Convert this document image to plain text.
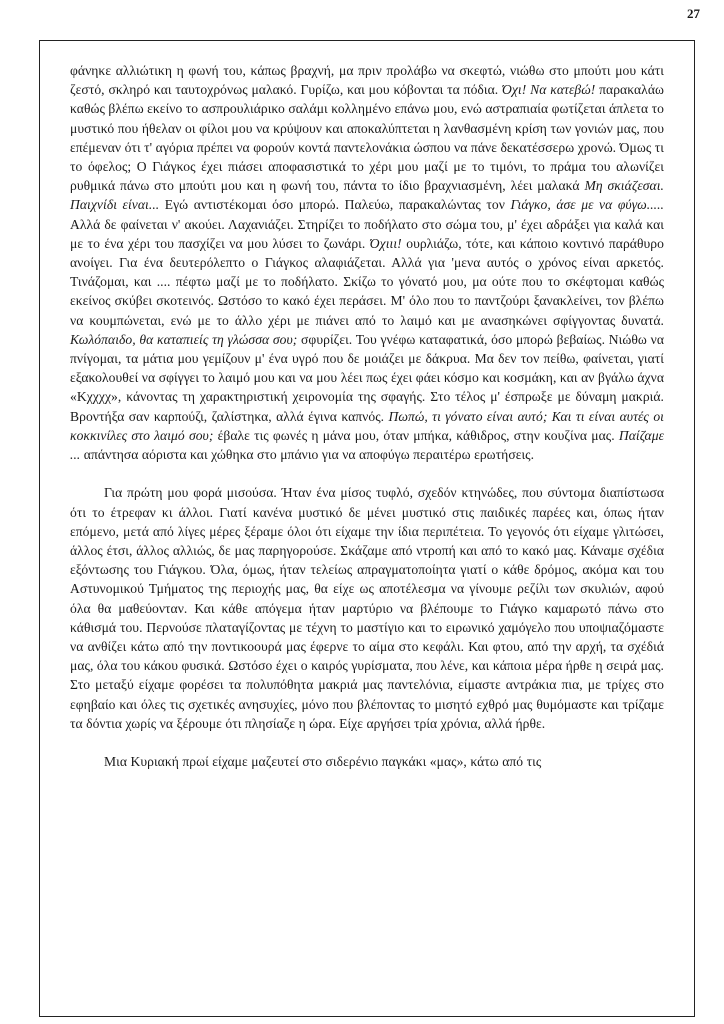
27

φάνηκε αλλιώτικη η φωνή του, κάπως βραχνή, μα πριν προλάβω να σκεφτώ, νιώθω στο μπούτι μου κάτι ζεστό, σκληρό και ταυτοχρόνως μαλακό. Γυρίζω, και μου κόβονται τα πόδια. Όχι! Να κατεβώ! παρακαλάω καθώς βλέπω εκείνο το ασπρουλιάρικο σαλάμι κολλημένο επάνω μου, ενώ αστραπιαία φωτίζεται άπλετα το μυστικό που ήθελαν οι φίλοι μου να κρύψουν και αποκαλύπτεται η λανθασμένη κρίση των γονιών μας, που επέμεναν ότι τ' αγόρια πρέπει να φορούν κοντά παντελονάκια ώσπου να πάνε δεκατέσσερω χρονώ. Όμως τι το όφελος; Ο Γιάγκος έχει πιάσει αποφασιστικά το χέρι μου μαζί με το τιμόνι, το πράμα του αλωνίζει ρυθμικά πάνω στο μπούτι μου και η φωνή του, πάντα το ίδιο βραχνιασμένη, λέει μαλακά Μη σκιάζεσαι. Παιχνίδι είναι... Εγώ αντιστέκομαι όσο μπορώ. Παλεύω, παρακαλώντας τον Γιάγκο, άσε με να φύγω..... Αλλά δε φαίνεται ν' ακούει. Λαχανιάζει. Στηρίζει το ποδήλατο στο σώμα του, μ' έχει αδράξει για καλά και με το ένα χέρι του πασχίζει να μου λύσει το ζωνάρι. Όχιιι! ουρλιάζω, τότε, και κάποιο κοντινό παράθυρο ανοίγει. Για ένα δευτερόλεπτο ο Γιάγκος αλαφιάζεται. Αλλά για 'μενα αυτός ο χρόνος είναι αρκετός. Τινάζομαι, και .... πέφτω μαζί με το ποδήλατο. Σκίζω το γόνατό μου, μα ούτε που το σκέφτομαι καθώς εκείνος σκύβει σκοτεινός. Ωστόσο το κακό έχει περάσει. Μ' όλο που το παντζούρι ξανακλείνει, τον βλέπω να κουμπώνεται, ενώ με το άλλο χέρι με πιάνει από το λαιμό και με ανασηκώνει σφίγγοντας δυνατά. Κωλόπαιδο, θα καταπιείς τη γλώσσα σου; σφυρίζει. Του γνέφω καταφατικά, όσο μπορώ βεβαίως. Νιώθω να πνίγομαι, τα μάτια μου γεμίζουν μ' ένα υγρό που δε μοιάζει με δάκρυα. Μα δεν τον πείθω, φαίνεται, γιατί εξακολουθεί να σφίγγει το λαιμό μου και να μου λέει πως έχει φάει κόσμο και κοσμάκη, και αν βγάλω άχνα «Κχχχχ», κάνοντας τη χαρακτηριστική χειρονομία της σφαγής. Στο τέλος μ' έσπρωξε με δύναμη μακριά. Βροντήξα σαν καρπούζι, ζαλίστηκα, αλλά έγινα καπνός. Πωπώ, τι γόνατο είναι αυτό; Και τι είναι αυτές οι κοκκινίλες στο λαιμό σου; έβαλε τις φωνές η μάνα μου, όταν μπήκα, κάθιδρος, στην κουζίνα μας. Παίζαμε ... απάντησα αόριστα και χώθηκα στο μπάνιο για να αποφύγω περαιτέρω ερωτήσεις.

Για πρώτη μου φορά μισούσα. Ήταν ένα μίσος τυφλό, σχεδόν κτηνώδες, που σύντομα διαπίστωσα ότι το έτρεφαν κι άλλοι. Γιατί κανένα μυστικό δε μένει μυστικό στις παιδικές παρέες και, όπως ήταν επόμενο, μετά από λίγες μέρες ξέραμε όλοι ότι είχαμε την ίδια περιπέτεια. Το γεγονός ότι είχαμε γλιτώσει, άλλος έτσι, άλλος αλλιώς, δε μας παρηγορούσε. Σκάζαμε από ντροπή και από το κακό μας. Κάναμε σχέδια εξόντωσης του Γιάγκου. Όλα, όμως, ήταν τελείως απραγματοποίητα γιατί ο κάθε δρόμος, ακόμα και του Αστυνομικού Τμήματος της περιοχής μας, θα είχε ως αποτέλεσμα να γίνουμε ρεζίλι των σκυλιών, αφού όλα θα μαθεύονταν. Και κάθε απόγεμα ήταν μαρτύριο να βλέπουμε το Γιάγκο καμαρωτό πάνω στο κάθισμά του. Περνούσε πλαταγίζοντας με τέχνη το μαστίγιο και το ειρωνικό χαμόγελο που υποψιαζόμαστε να ανθίζει κάτω από την ποντικοουρά μας έφερνε το αίμα στο κεφάλι. Και φτου, από την αρχή, τα σχέδιά μας, όλα του κάκου φυσικά. Ωστόσο έχει ο καιρός γυρίσματα, που λένε, και κάποια μέρα ήρθε η σειρά μας. Στο μεταξύ είχαμε φορέσει τα πολυπόθητα μακριά μας παντελόνια, είμαστε αντράκια πια, με τρίχες στο εφηβαίο και όλες τις σχετικές ανησυχίες, μόνο που βλέποντας το μισητό εχθρό μας θυμόμαστε και τρίζαμε τα δόντια χωρίς να ξέρουμε ότι πλησίαζε η ώρα. Είχε αργήσει τρία χρόνια, αλλά ήρθε.

Μια Κυριακή πρωί είχαμε μαζευτεί στο σιδερένιο παγκάκι «μας», κάτω από τις
